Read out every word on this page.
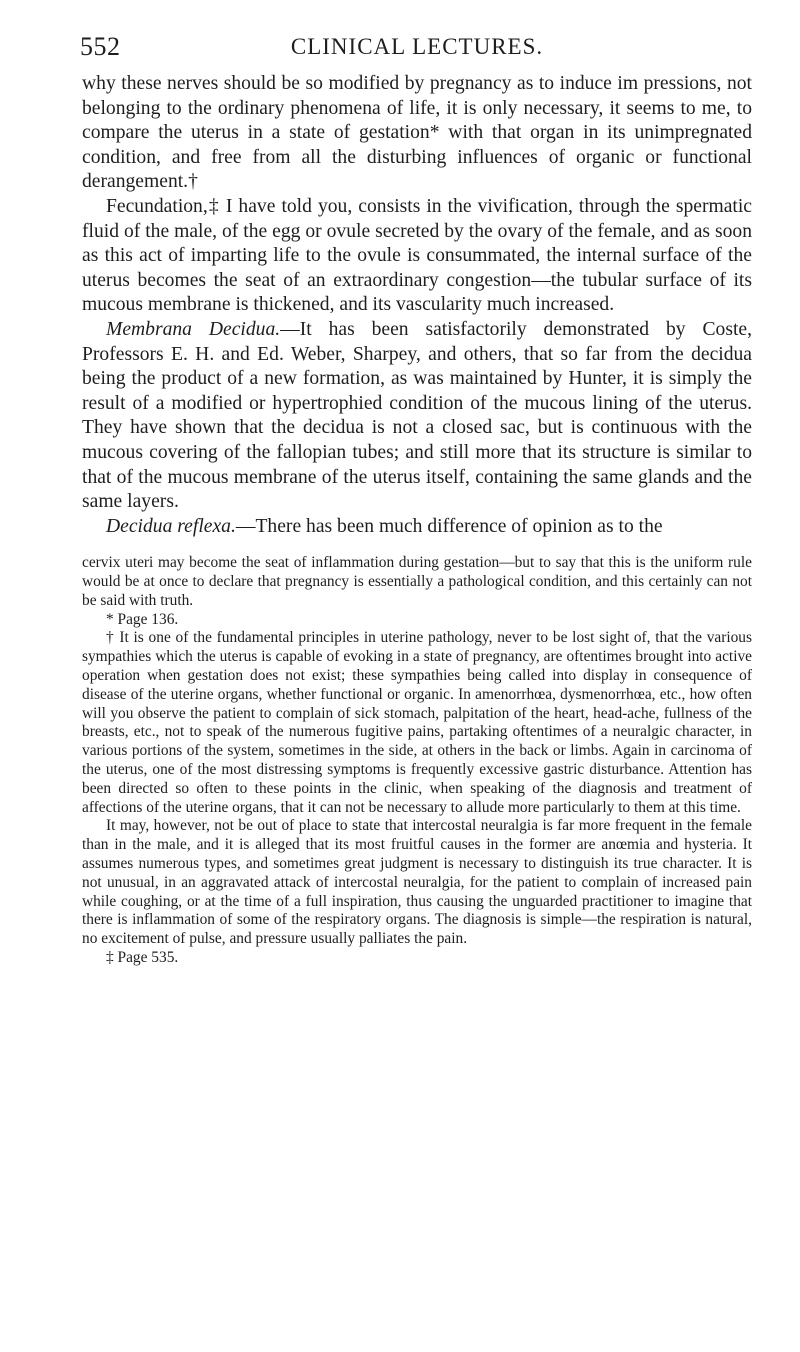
552	CLINICAL LECTURES.

why these nerves should be so modified by pregnancy as to induce im pressions, not belonging to the ordinary phenomena of life, it is only necessary, it seems to me, to compare the uterus in a state of gestation* with that organ in its unimpregnated condition, and free from all the disturbing influences of organic or functional derangement.†

Fecundation,‡ I have told you, consists in the vivification, through the spermatic fluid of the male, of the egg or ovule secreted by the ovary of the female, and as soon as this act of imparting life to the ovule is consummated, the internal surface of the uterus becomes the seat of an extraordinary congestion—the tubular surface of its mucous membrane is thickened, and its vascularity much increased.

Membrana Decidua.—It has been satisfactorily demonstrated by Coste, Professors E. H. and Ed. Weber, Sharpey, and others, that so far from the decidua being the product of a new formation, as was maintained by Hunter, it is simply the result of a modified or hypertrophied condition of the mucous lining of the uterus. They have shown that the decidua is not a closed sac, but is continuous with the mucous covering of the fallopian tubes; and still more that its structure is similar to that of the mucous membrane of the uterus itself, containing the same glands and the same layers.

Decidua reflexa.—There has been much difference of opinion as to the

cervix uteri may become the seat of inflammation during gestation—but to say that this is the uniform rule would be at once to declare that pregnancy is essentially a pathological condition, and this certainly can not be said with truth.

* Page 136.

† It is one of the fundamental principles in uterine pathology, never to be lost sight of, that the various sympathies which the uterus is capable of evoking in a state of pregnancy, are oftentimes brought into active operation when gestation does not exist; these sympathies being called into display in consequence of disease of the uterine organs, whether functional or organic. In amenorrhœa, dysmenorrhœa, etc., how often will you observe the patient to complain of sick stomach, palpitation of the heart, head-ache, fullness of the breasts, etc., not to speak of the numerous fugitive pains, partaking oftentimes of a neuralgic character, in various portions of the system, sometimes in the side, at others in the back or limbs. Again in carcinoma of the uterus, one of the most distressing symptoms is frequently excessive gastric disturbance. Attention has been directed so often to these points in the clinic, when speaking of the diagnosis and treatment of affections of the uterine organs, that it can not be necessary to allude more particularly to them at this time.

It may, however, not be out of place to state that intercostal neuralgia is far more frequent in the female than in the male, and it is alleged that its most fruitful causes in the former are anœmia and hysteria. It assumes numerous types, and sometimes great judgment is necessary to distinguish its true character. It is not unusual, in an aggravated attack of intercostal neuralgia, for the patient to complain of increased pain while coughing, or at the time of a full inspiration, thus causing the unguarded practitioner to imagine that there is inflammation of some of the respiratory organs. The diagnosis is simple—the respiration is natural, no excitement of pulse, and pressure usually palliates the pain.

‡ Page 535.
